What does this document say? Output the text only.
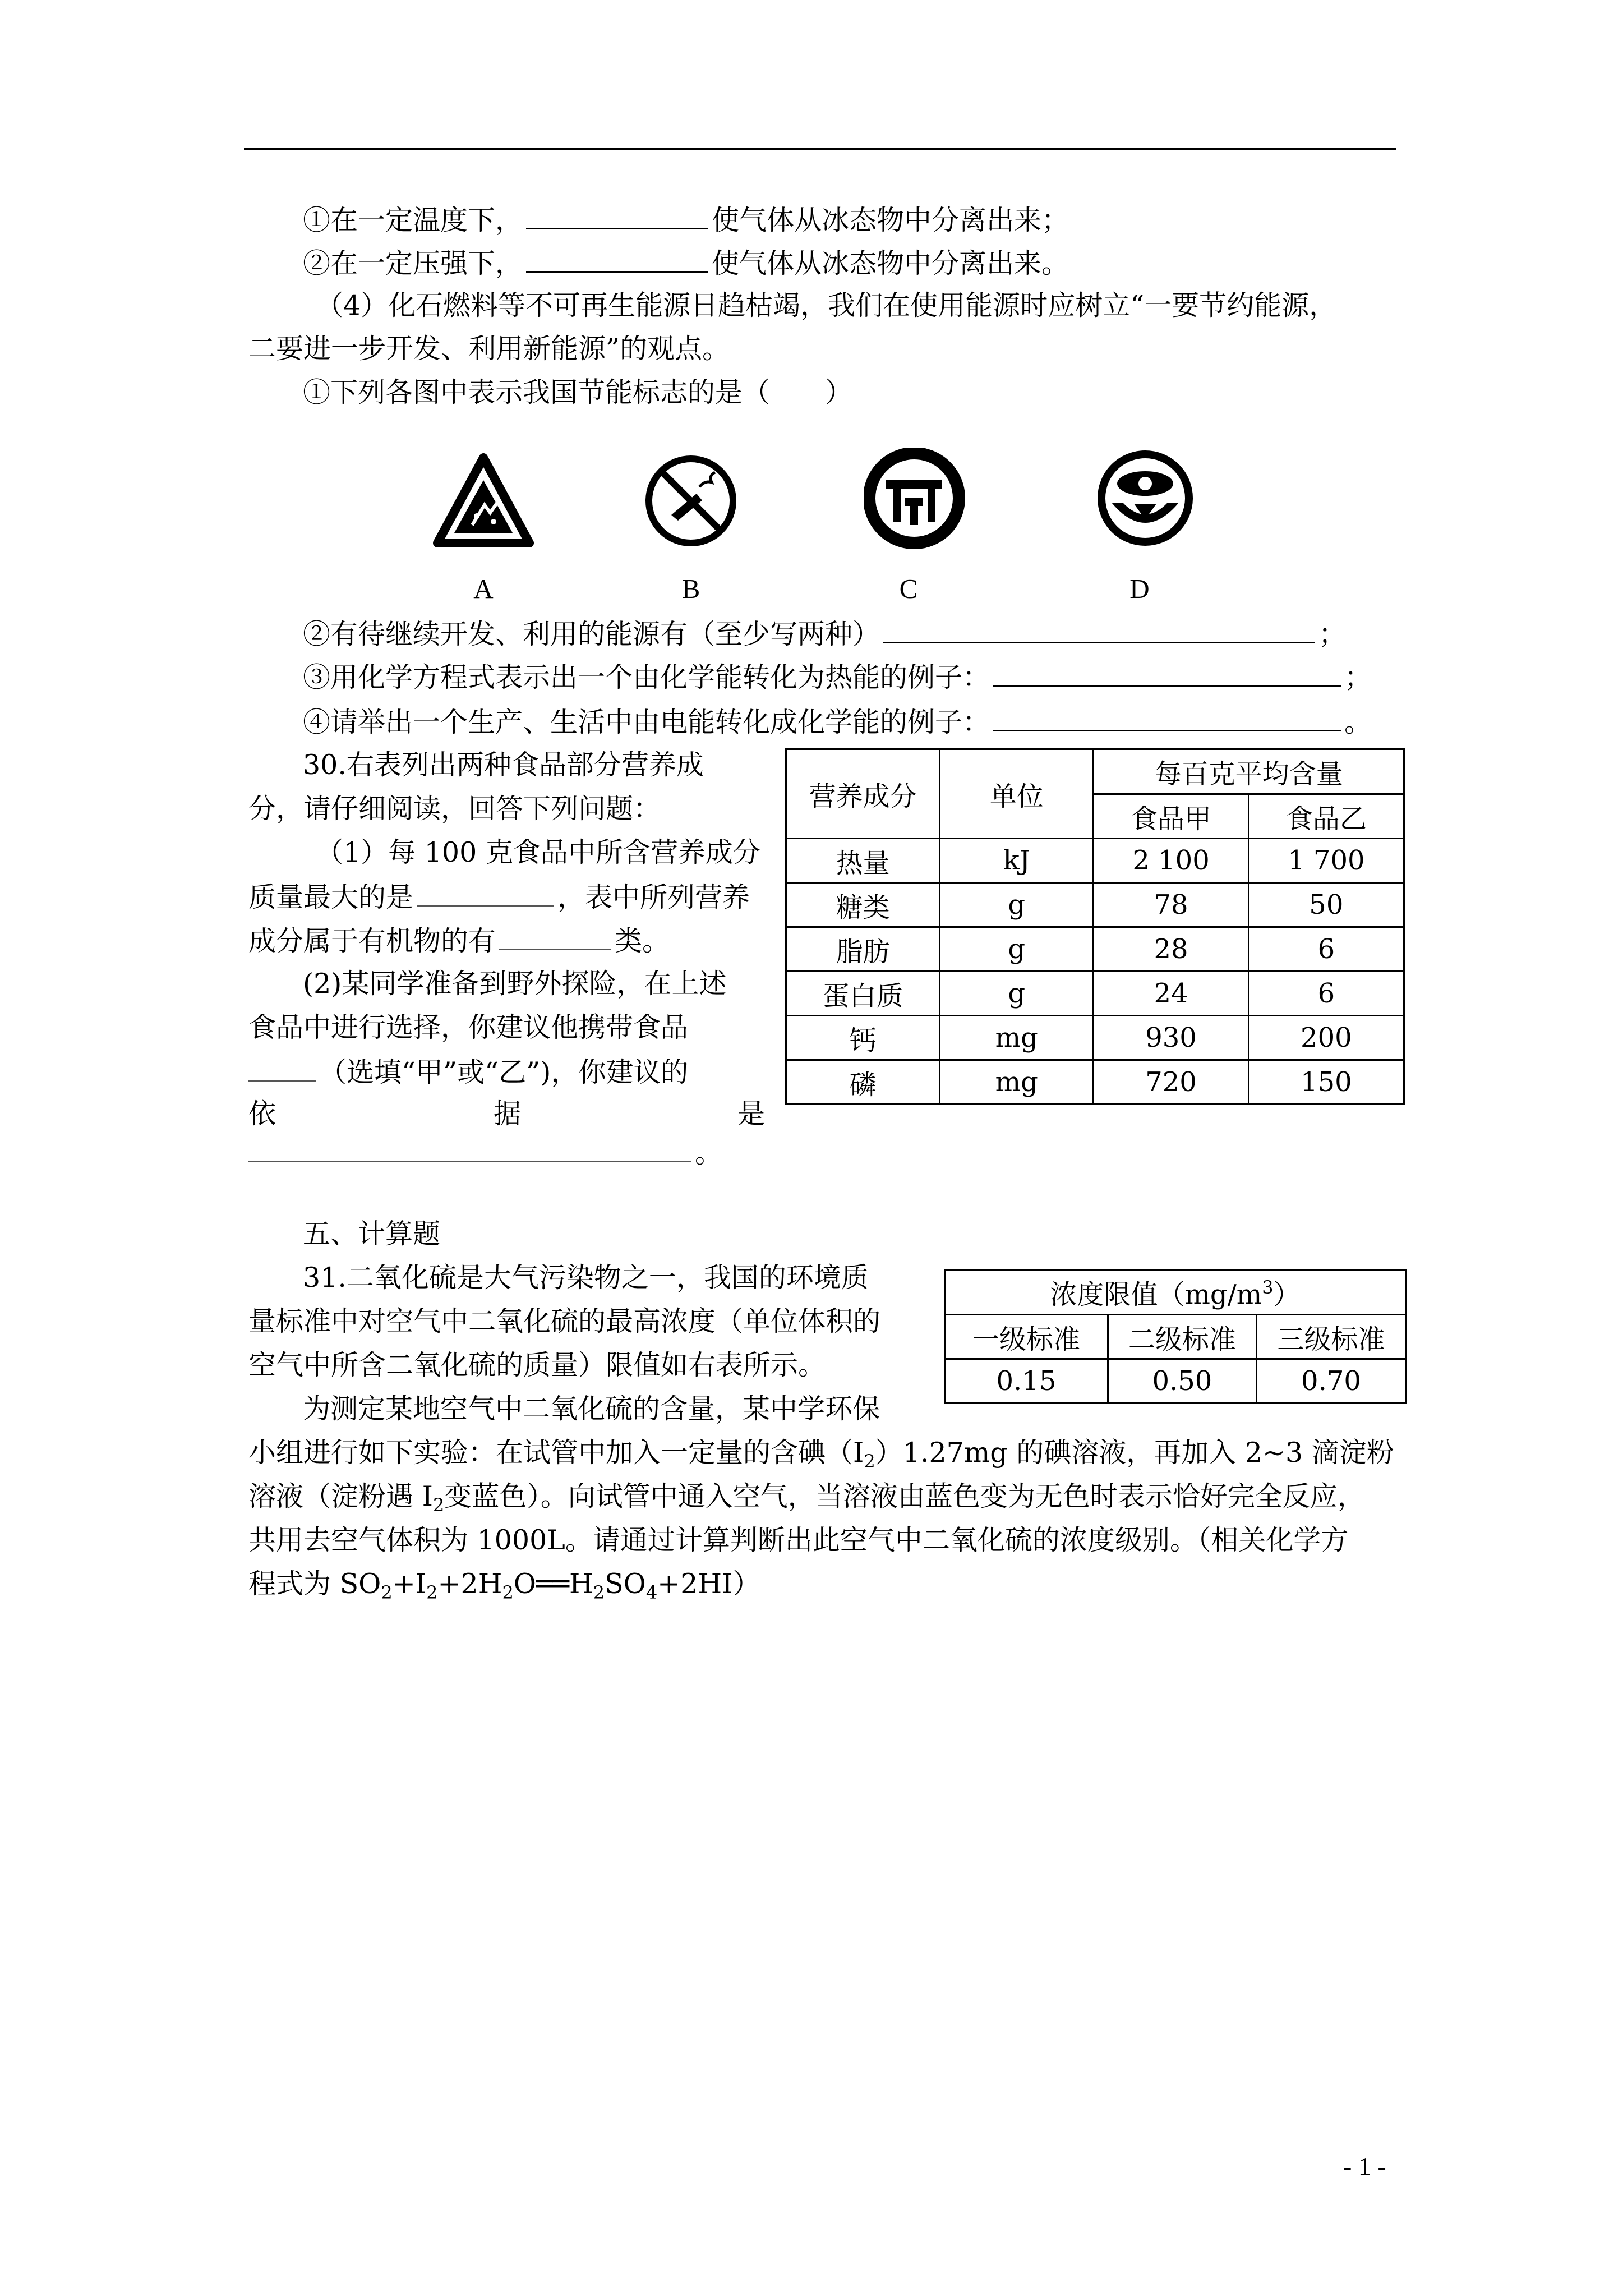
①在一定温度下，	使气体从冰态物中分离出来；
②在一定压强下，	使气体从冰态物中分离出来。
（4）化石燃料等不可再生能源日趋枯竭，我们在使用能源时应树立“一要节约能源，
二要进一步开发、利用新能源”的观点。
①下列各图中表示我国节能标志的是（　　）
A	B	C	D
②有待继续开发、利用的能源有（至少写两种）	；
③用化学方程式表示出一个由化学能转化为热能的例子：	；
④请举出一个生产、生活中由电能转化成化学能的例子：	。
30.右表列出两种食品部分营养成
分，请仔细阅读，回答下列问题：
（1）每 100 克食品中所含营养成分
质量最大的是	，表中所列营养
成分属于有机物的有	类。
(2)某同学准备到野外探险，在上述
食品中进行选择，你建议他携带食品
（选填“甲”或“乙”)，你建议的
依	据	是
。
营养成分	单位	每百克平均含量	
		食品甲	食品乙
热量	kJ	2 100	1 700
糖类	g	78	50
脂肪	g	28	6
蛋白质	g	24	6
钙	mg	930	200
磷	mg	720	150
五、计算题
31.二氧化硫是大气污染物之一，我国的环境质
量标准中对空气中二氧化硫的最高浓度（单位体积的
空气中所含二氧化硫的质量）限值如右表所示。
为测定某地空气中二氧化硫的含量，某中学环保
小组进行如下实验：在试管中加入一定量的含碘$(I_2)1.27mg$ 的碘溶液，再加入 2~3 滴淀粉
溶液（淀粉遇 $I_2$变蓝色）。向试管中通入空气，当溶液由蓝色变为无色时表示恰好完全反应，
共用去空气体积为 1000L。请通过计算判断出此空气中二氧化硫的浓度级别。（相关化学方
程式为 $SO_2+I_2+2H_2O══H_2SO_4+2HI$）
浓度限值$(mg/m^3)$		
一级标准	二级标准	三级标准
0.15	0.50	0.70
- 1 -
